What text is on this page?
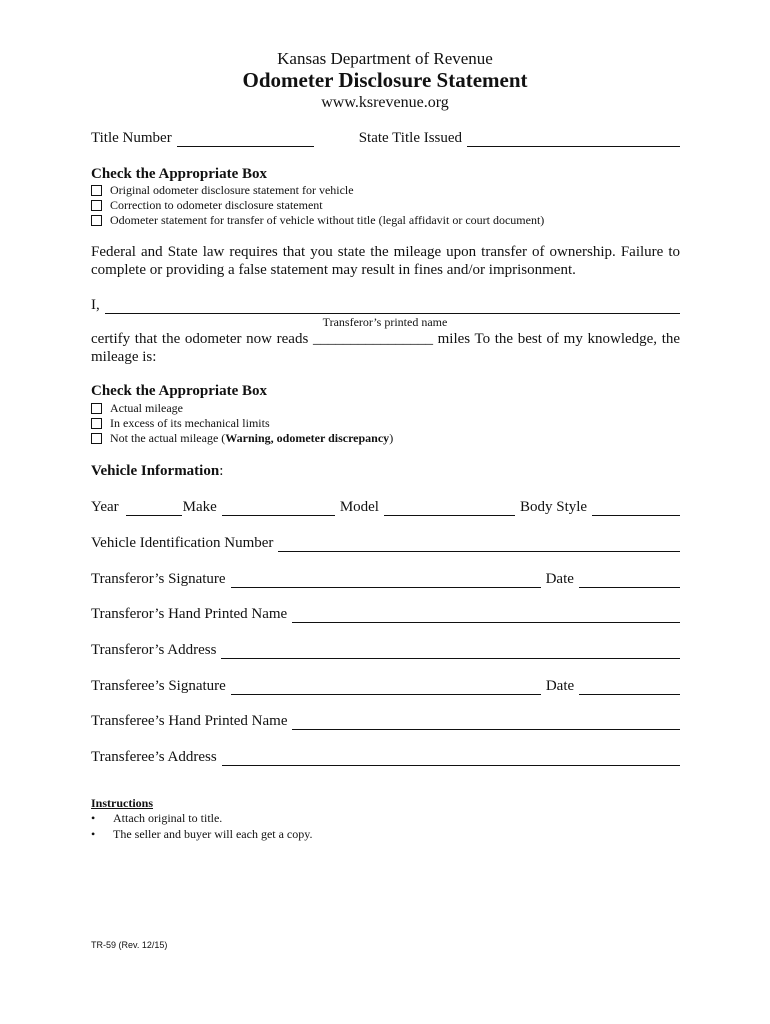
Kansas Department of Revenue
Odometer Disclosure Statement
www.ksrevenue.org
Title Number	State Title Issued
Check the Appropriate Box
Original odometer disclosure statement for vehicle
Correction to odometer disclosure statement
Odometer statement for transfer of vehicle without title (legal affidavit or court document)
Federal and State law requires that you state the mileage upon transfer of ownership. Failure to complete or providing a false statement may result in fines and/or imprisonment.
I,
Transferor’s printed name
certify that the odometer now reads ________________ miles To the best of my knowledge, the mileage is:
Check the Appropriate Box
Actual mileage
In excess of its mechanical limits
Not the actual mileage (Warning, odometer discrepancy)
Vehicle Information:
Year	Make	Model	Body Style
Vehicle Identification Number
Transferor’s Signature	Date
Transferor’s Hand Printed Name
Transferor’s Address
Transferee’s Signature	Date
Transferee’s Hand Printed Name
Transferee’s Address
Instructions
•	Attach original to title.
•	The seller and buyer will each get a copy.
TR-59 (Rev. 12/15)
